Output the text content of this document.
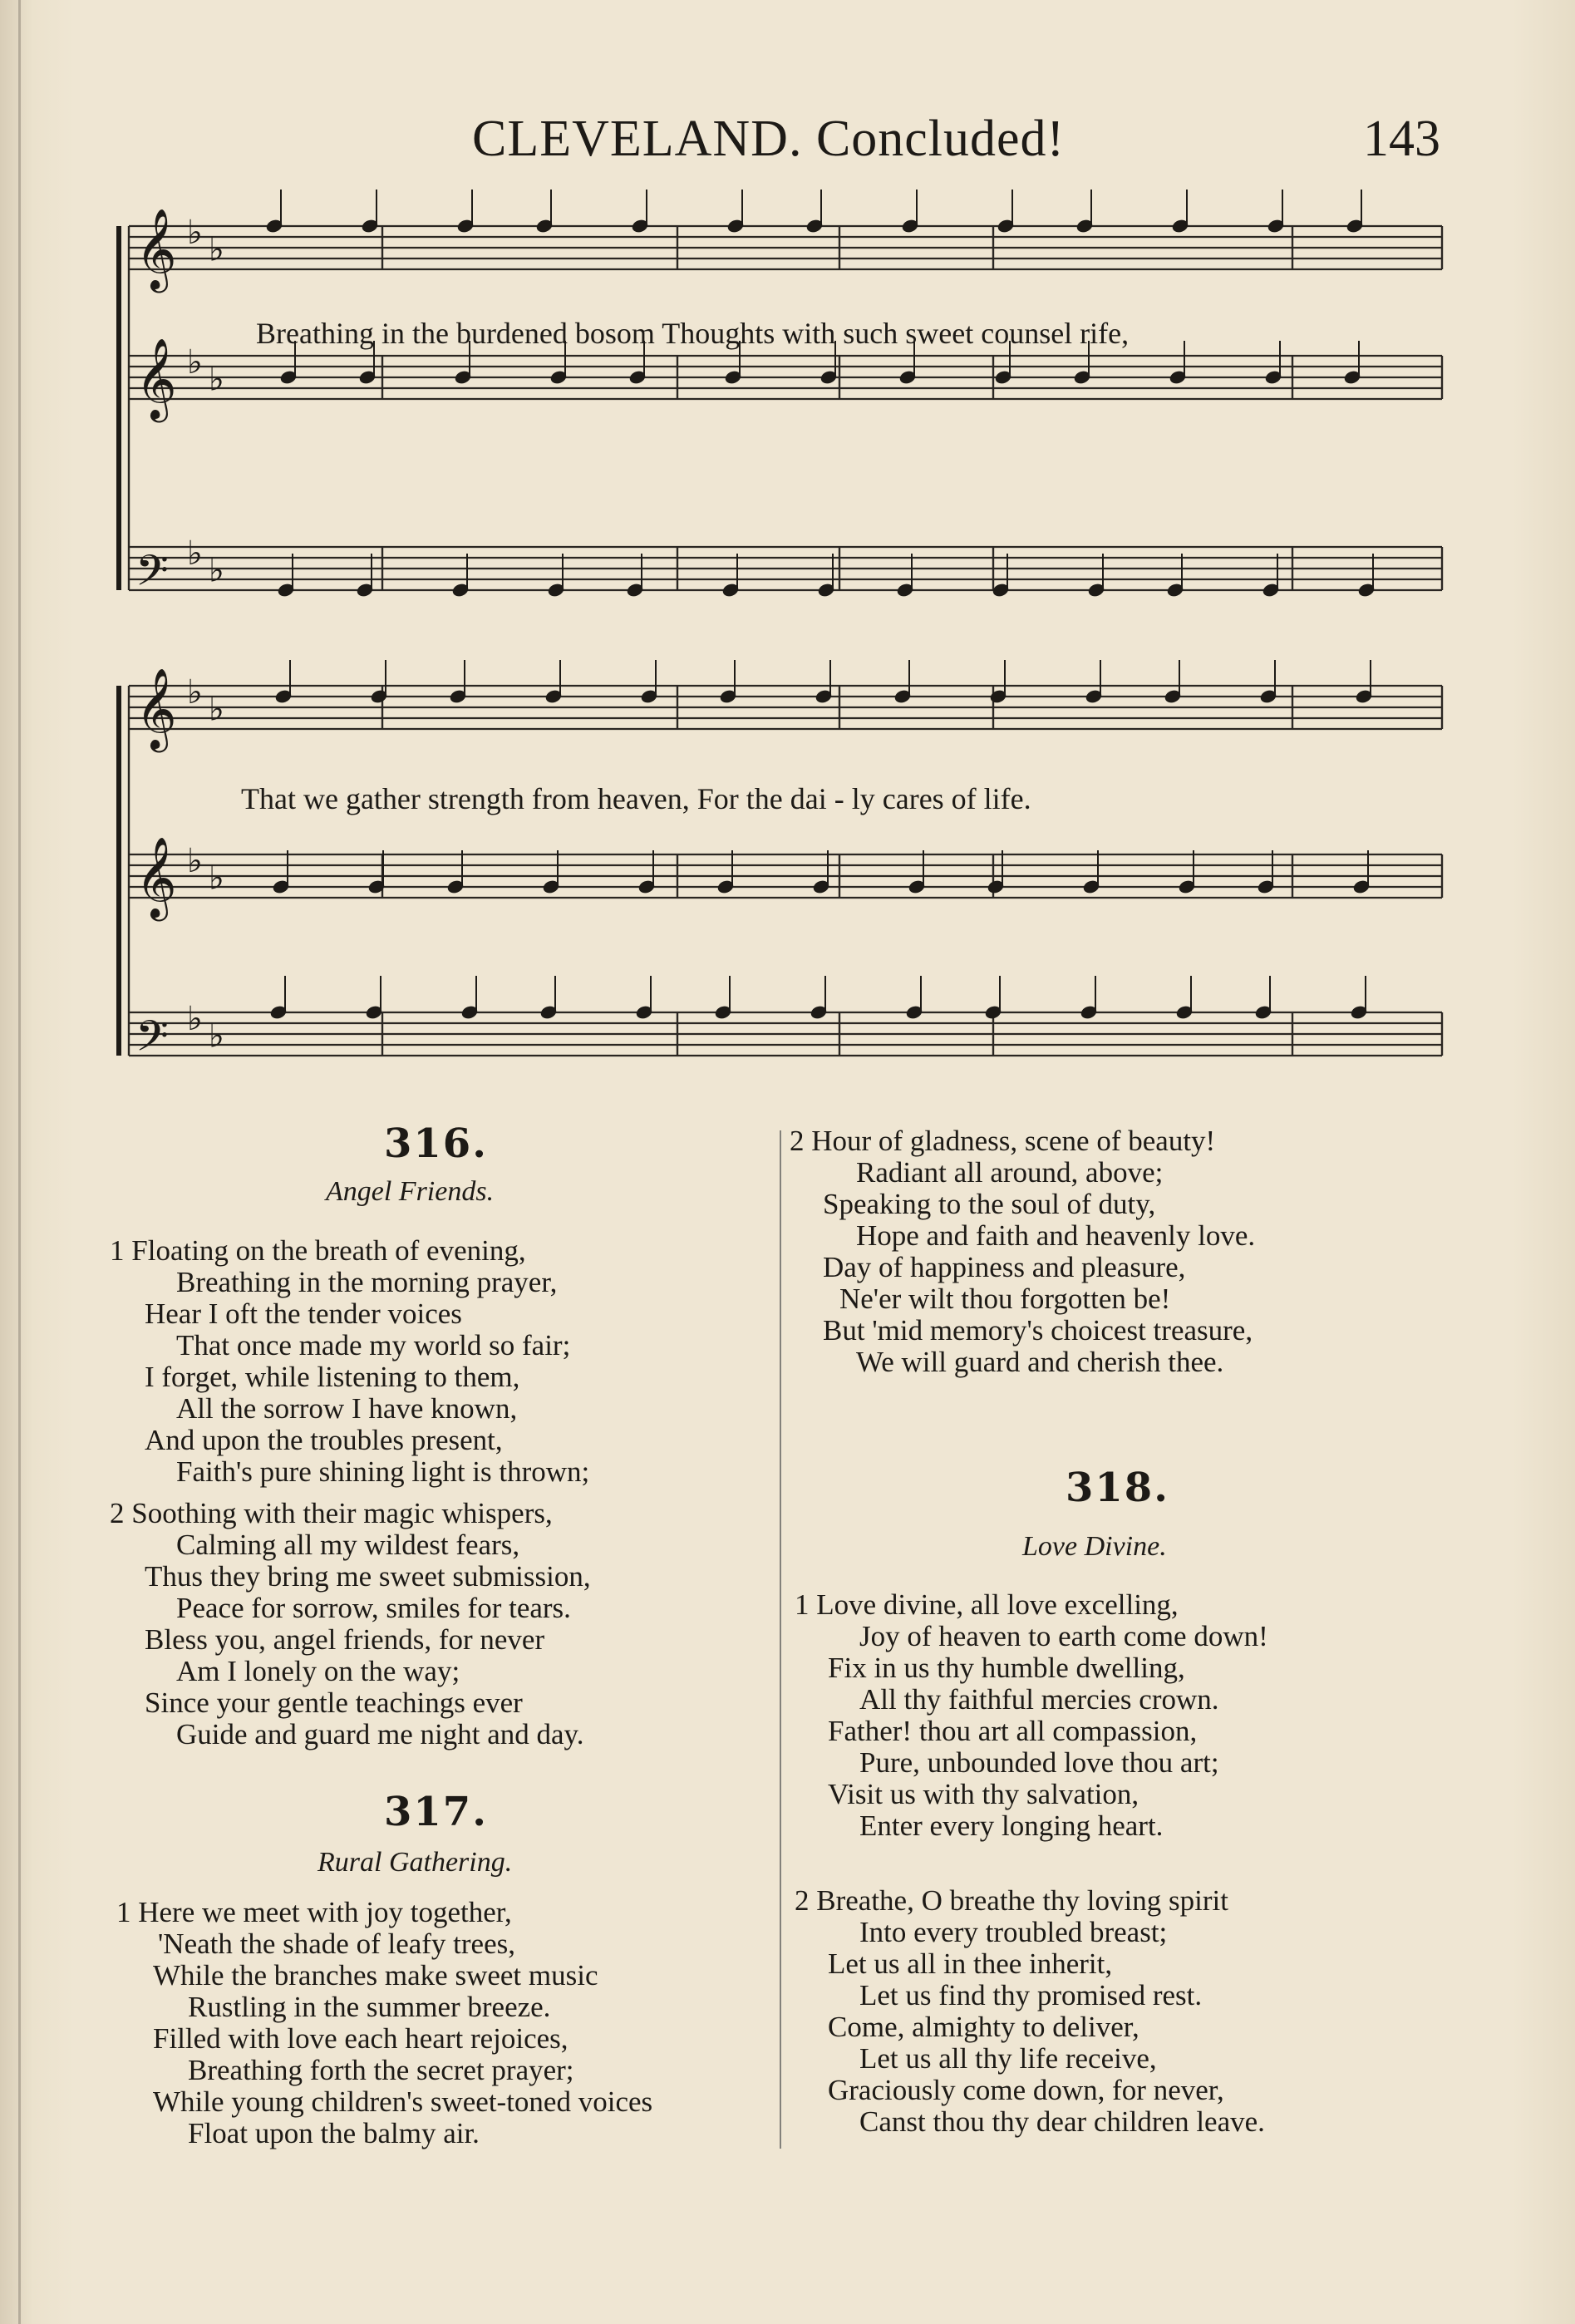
CLEVELAND. Concluded!	143
𝄞 ♭ ♭
𝄞 ♭ ♭
𝄢 ♭ ♭
𝄞 ♭ ♭
𝄞 ♭ ♭
𝄢 ♭ ♭
Breathing in the burdened bosom Thoughts with such sweet counsel rife,
That we gather strength from heaven, For the dai - ly cares of life.
316.
Angel Friends.
1 Floating on the breath of evening,
Breathing in the morning prayer,
Hear I oft the tender voices
That once made my world so fair;
I forget, while listening to them,
All the sorrow I have known,
And upon the troubles present,
Faith's pure shining light is thrown;
2 Soothing with their magic whispers,
Calming all my wildest fears,
Thus they bring me sweet submission,
Peace for sorrow, smiles for tears.
Bless you, angel friends, for never
Am I lonely on the way;
Since your gentle teachings ever
Guide and guard me night and day.
317.
Rural Gathering.
1 Here we meet with joy together,
'Neath the shade of leafy trees,
While the branches make sweet music
Rustling in the summer breeze.
Filled with love each heart rejoices,
Breathing forth the secret prayer;
While young children's sweet-toned voices
Float upon the balmy air.
2 Hour of gladness, scene of beauty!
Radiant all around, above;
Speaking to the soul of duty,
Hope and faith and heavenly love.
Day of happiness and pleasure,
Ne'er wilt thou forgotten be!
But 'mid memory's choicest treasure,
We will guard and cherish thee.
318.
Love Divine.
1 Love divine, all love excelling,
Joy of heaven to earth come down!
Fix in us thy humble dwelling,
All thy faithful mercies crown.
Father! thou art all compassion,
Pure, unbounded love thou art;
Visit us with thy salvation,
Enter every longing heart.
2 Breathe, O breathe thy loving spirit
Into every troubled breast;
Let us all in thee inherit,
Let us find thy promised rest.
Come, almighty to deliver,
Let us all thy life receive,
Graciously come down, for never,
Canst thou thy dear children leave.
